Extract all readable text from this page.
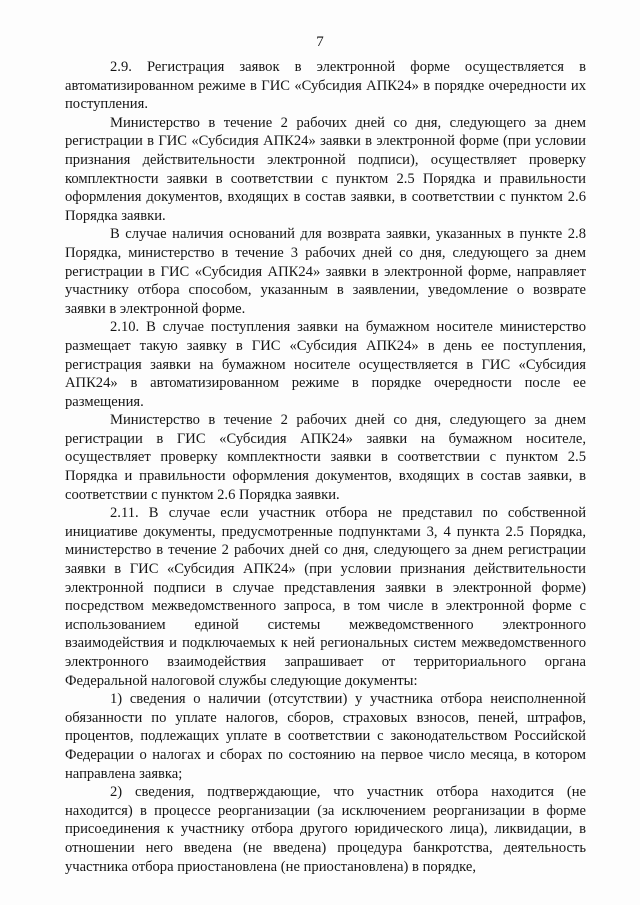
7

2.9. Регистрация заявок в электронной форме осуществляется в автоматизированном режиме в ГИС «Субсидия АПК24» в порядке очередности их поступления.

Министерство в течение 2 рабочих дней со дня, следующего за днем регистрации в ГИС «Субсидия АПК24» заявки в электронной форме (при условии признания действительности электронной подписи), осуществляет проверку комплектности заявки в соответствии с пунктом 2.5 Порядка и правильности оформления документов, входящих в состав заявки, в соответствии с пунктом 2.6 Порядка заявки.

В случае наличия оснований для возврата заявки, указанных в пункте 2.8 Порядка, министерство в течение 3 рабочих дней со дня, следующего за днем регистрации в ГИС «Субсидия АПК24» заявки в электронной форме, направляет участнику отбора способом, указанным в заявлении, уведомление о возврате заявки в электронной форме.

2.10. В случае поступления заявки на бумажном носителе министерство размещает такую заявку в ГИС «Субсидия АПК24» в день ее поступления, регистрация заявки на бумажном носителе осуществляется в ГИС «Субсидия АПК24» в автоматизированном режиме в порядке очередности после ее размещения.

Министерство в течение 2 рабочих дней со дня, следующего за днем регистрации в ГИС «Субсидия АПК24» заявки на бумажном носителе, осуществляет проверку комплектности заявки в соответствии с пунктом 2.5 Порядка и правильности оформления документов, входящих в состав заявки, в соответствии с пунктом 2.6 Порядка заявки.

2.11. В случае если участник отбора не представил по собственной инициативе документы, предусмотренные подпунктами 3, 4 пункта 2.5 Порядка, министерство в течение 2 рабочих дней со дня, следующего за днем регистрации заявки в ГИС «Субсидия АПК24» (при условии признания действительности электронной подписи в случае представления заявки в электронной форме) посредством межведомственного запроса, в том числе в электронной форме с использованием единой системы межведомственного электронного взаимодействия и подключаемых к ней региональных систем межведомственного электронного взаимодействия запрашивает от территориального органа Федеральной налоговой службы следующие документы:

1) сведения о наличии (отсутствии) у участника отбора неисполненной обязанности по уплате налогов, сборов, страховых взносов, пеней, штрафов, процентов, подлежащих уплате в соответствии с законодательством Российской Федерации о налогах и сборах по состоянию на первое число месяца, в котором направлена заявка;

2) сведения, подтверждающие, что участник отбора находится (не находится) в процессе реорганизации (за исключением реорганизации в форме присоединения к участнику отбора другого юридического лица), ликвидации, в отношении него введена (не введена) процедура банкротства, деятельность участника отбора приостановлена (не приостановлена) в порядке,
